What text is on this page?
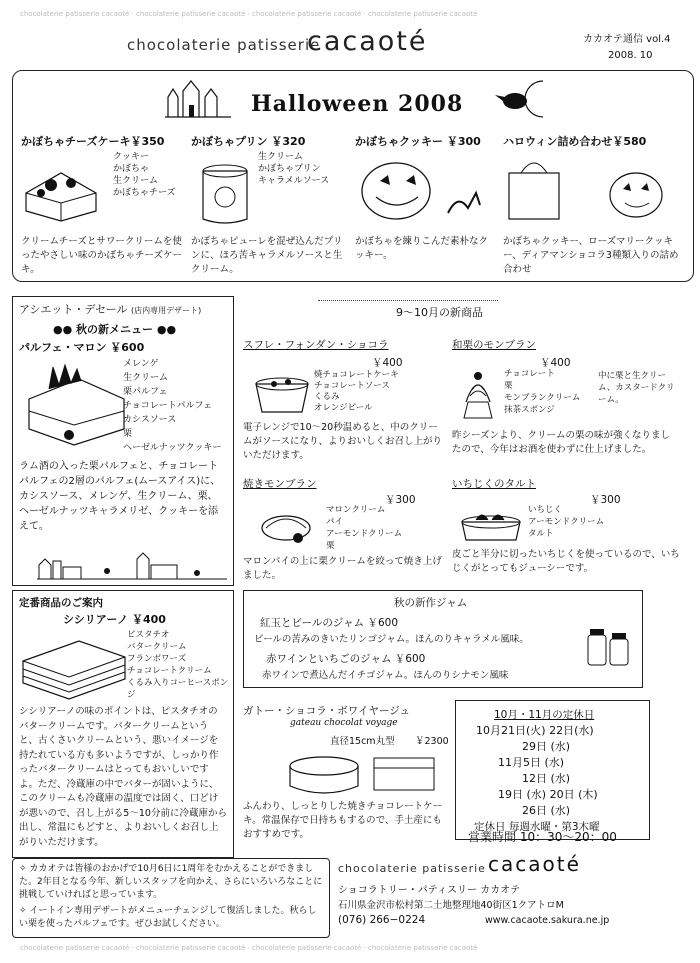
chocolaterie patisserie cacaoté · chocolaterie patisserie cacaoté · chocolaterie patisserie cacaoté · chocolaterie patisserie cacaoté
chocolaterie patisserie
cacaoté	カカオテ通信 vol.4
2008. 10
Halloween 2008
かぼちゃチーズケーキ￥350
クッキー
かぼちゃ
生クリーム
かぼちゃチーズ
クリームチーズとサワークリームを使ったやさしい味のかぼちゃチーズケーキ。
かぼちゃプリン ￥320
生クリーム
かぼちゃプリン
キャラメルソース
かぼちゃピューレを混ぜ込んだプリンに、ほろ苦キャラメルソースと生クリーム。
かぼちゃクッキー ￥300
かぼちゃを練りこんだ素朴なクッキー。
ハロウィン詰め合わせ￥580
かぼちゃクッキー、ローズマリークッキー、ディアマンショコラ3種類入りの詰め合わせ
アシエット・デセール (店内専用デザート)
●● 秋の新メニュー ●●
パルフェ・マロン ￥600
メレンゲ
生クリーム
栗パルフェ
チョコレートパルフェ
カシスソース
栗
ヘーゼルナッツクッキー
ラム酒の入った栗パルフェと、チョコレートパルフェの2層のパルフェ(ムースアイス)に、カシスソース、メレンゲ、生クリーム、栗、ヘーゼルナッツキャラメリゼ、クッキーを添えて。
9〜10月の新商品
スフレ・フォンダン・ショコラ
￥400
焼チョコレートケーキ
チョコレートソース
くるみ
オレンジピール
電子レンジで10〜20秒温めると、中のクリームがソースになり、よりおいしくお召し上がりいただけます。
和栗のモンブラン
￥400
チョコレート
栗
モンブランクリーム
抹茶スポンジ
中に栗と生クリーム、カスタードクリーム。
昨シーズンより、クリームの栗の味が強くなりましたので、今年はお酒を使わずに仕上げました。
焼きモンブラン
￥300
マロンクリーム
パイ
アーモンドクリーム
栗
マロンパイの上に栗クリームを絞って焼き上げました。
いちじくのタルト
￥300
いちじく
アーモンドクリーム
タルト
皮ごと半分に切ったいちじくを使っているので、いちじくがとってもジューシーです。
定番商品のご案内
シシリアーノ ￥400
ピスタチオ
バタークリーム
フランボワーズ
チョコレートクリーム
くるみ入りコーヒースポンジ
シシリアーノの味のポイントは、ピスタチオのバタークリームです。バタークリームというと、古くさいクリームという、悪いイメージを持たれている方も多いようですが、しっかり作ったバタークリームはとってもおいしいですよ。ただ、冷蔵庫の中でバターが固いように、このクリームも冷蔵庫の温度では固く、口どけが悪いので、召し上がる5〜10分前に冷蔵庫から出し、常温にもどすと、よりおいしくお召し上がりいただけます。
秋の新作ジャム
紅玉とビールのジャム ￥600
ビールの苦みのきいたリンゴジャム。ほんのりキャラメル風味。
赤ワインといちごのジャム ￥600
赤ワインで煮込んだイチゴジャム。ほんのりシナモン風味
ガトー・ショコラ・ボワイヤージュ
gateau chocolat voyage
直径15cm丸型 ￥2300
ふんわり、しっとりした焼きチョコレートケーキ。常温保存で日持ちもするので、手土産にもおすすめです。
10月・11月の定休日
10月21日(火) 22日(水)
29日 (水)
11月5日 (水)
12日 (水)
19日 (水) 20日 (木)
26日 (水)
定休日 毎週水曜・第3木曜
営業時間 10：30〜20：00
✧ カカオテは皆様のおかげで10月6日に1周年をむかえることができました。2年目となる今年、新しいスタッフを向かえ、さらにいろいろなことに挑戦していければと思っています。
✧ イートイン専用デザートがメニューチェンジして復活しました。秋らしい栗を使ったパルフェです。ぜひお試しください。
chocolaterie patisserie cacaoté
ショコラトリー・パティスリー カカオテ
石川県金沢市松村第二土地整理地40街区1クアトロM
(076) 266−0224	www.cacaote.sakura.ne.jp
chocolaterie patisserie cacaoté · chocolaterie patisserie cacaoté · chocolaterie patisserie cacaoté · chocolaterie patisserie cacaoté
